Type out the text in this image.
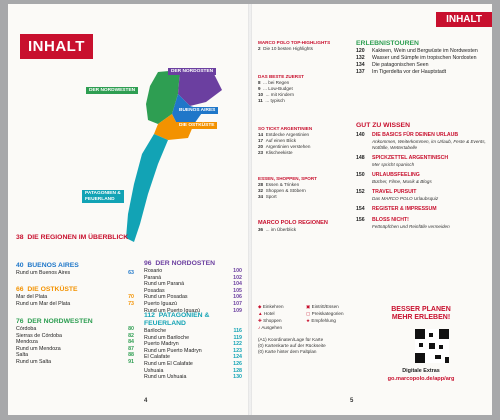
INHALT
DER NORDOSTEN
DER NORDWESTEN
BUENOS AIRES
DIE OSTKÜSTE
PATAGONIEN &
FEUERLAND
38 DIE REGIONEN IM ÜBERBLICK
40 BUENOS AIRES
Rund um Buenos Aires	63
66 DIE OSTKÜSTE
Mar del Plata	70
Rund um Mar del Plata	73
76 DER NORDWESTEN
Córdoba	80
Sierras de Córdoba	82
Mendoza	84
Rund um Mendoza	87
Salta	88
Rund um Salta	91
96 DER NORDOSTEN
Rosario	100
Paraná	102
Rund um Paraná	104
Posadas	105
Rund um Posadas	106
Puerto Iguazú	107
Rund um Puerto Iguazú	109
112 PATAGONIEN & FEUERLAND
Bariloche	116
Rund um Bariloche	119
Puerto Madryn	122
Rund um Puerto Madryn	123
El Calafate	124
Rund um El Calafate	126
Ushuaia	128
Rund um Ushuaia	130
4
INHALT
MARCO POLO TOP-HIGHLIGHTS
2 Die 10 besten Highlights
DAS BESTE ZUERST
8 ... bei Regen
9 ... Low-Budget
10 ... mit Kindern
11 ... typisch
SO TICKT ARGENTINIEN
14 Entdecke Argentinien
17 Auf einen Blick
20 Argentinien verstehen
23 Klischeekiste
ESSEN, SHOPPEN, SPORT
28 Essen & Trinken
32 Shoppen & Stöbern
34 Sport
MARCO POLO REGIONEN
36 ... im Überblick
◆ Einkehren	▣ Eintritt/Essen
▲ Hotel	▢ Preiskategorien
✚ Shoppen	★ Empfehlung
♪ Ausgehen
(A1) Koordinaten/Lage für Karte
(0) Kartenkarte auf der Rückseite
(0) Karte hinter dem Faltplan
ERLEBNISTOUREN
120	Kakteen, Wein und Bergwüste im Nordwesten
132	Wasser und Sümpfe im tropischen Nordosten
134	Die patagonischen Seen
137	Im Tigerdelta vor der Hauptstadt
GUT ZU WISSEN
140	DIE BASICS FÜR DEINEN URLAUB
Ankommen, Weiterkommen, im Urlaub, Feste & Events, Notfälle, Wettertabelle
148	SPICKZETTEL ARGENTINISCH
Mer spricht spanisch
150	URLAUBSFEELING
Bücher, Filme, Musik & Blogs
152	TRAVEL PURSUIT
Das MARCO POLO Urlaubsquiz
154	REGISTER & IMPRESSUM
156	BLOSS NICHT!
Fettnäpfchen und Reinfälle vermeiden
BESSER PLANEN
MEHR ERLEBEN!
Digitale Extras
go.marcopolo.de/app/arg
5
